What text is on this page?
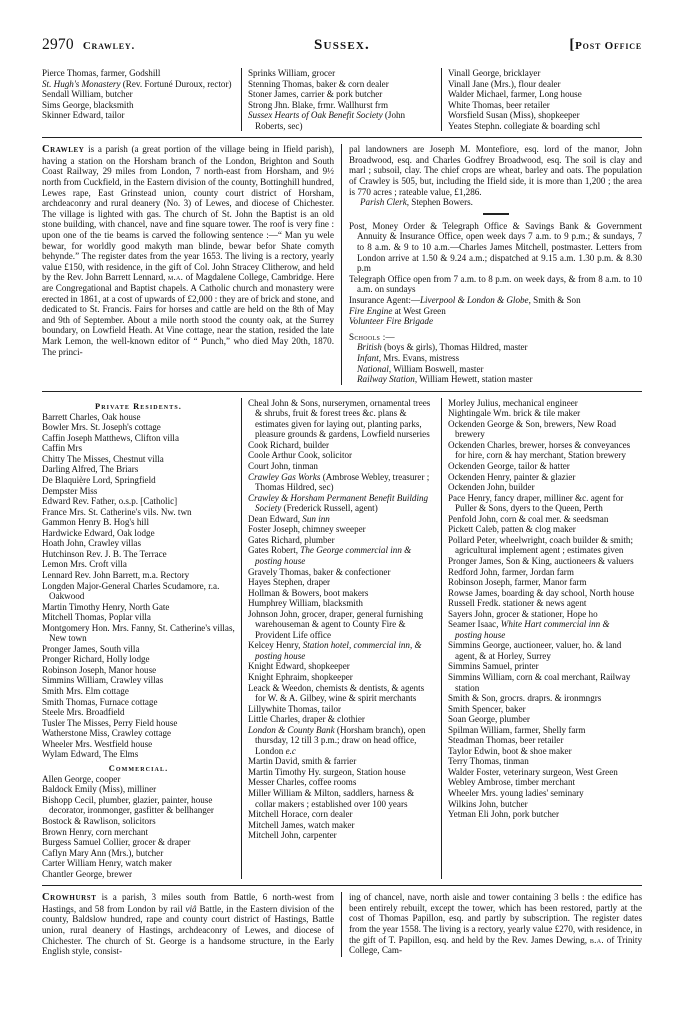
2970 Crawley.	Sussex.	[Post Office

Pierce Thomas, farmer, Godshill

St. Hugh's Monastery (Rev. Fortuné Duroux, rector)

Sendall William, butcher

Sims George, blacksmith

Skinner Edward, tailor

Sprinks William, grocer

Stenning Thomas, baker & corn dealer

Stoner James, carrier & pork butcher

Strong Jhn. Blake, frmr. Wallhurst frm

Sussex Hearts of Oak Benefit Society (John Roberts, sec)

Vinall George, bricklayer

Vinall Jane (Mrs.), flour dealer

Walder Michael, farmer, Long house

White Thomas, beer retailer

Worsfield Susan (Miss), shopkeeper

Yeates Stephn. collegiate & boarding schl

Crawley is a parish (a great portion of the village being in Ifield parish), having a station on the Horsham branch of the London, Brighton and South Coast Railway, 29 miles from London, 7 north-east from Horsham, and 9½ north from Cuckfield, in the Eastern division of the county, Bottinghill hundred, Lewes rape, East Grinstead union, county court district of Horsham, archdeaconry and rural deanery (No. 3) of Lewes, and diocese of Chichester. The village is lighted with gas. The church of St. John the Baptist is an old stone building, with chancel, nave and fine square tower. The roof is very fine : upon one of the tie beams is carved the following sentence :—“ Man yu wele bewar, for worldly good makyth man blinde, bewar befor Shate comyth behynde.” The register dates from the year 1653. The living is a rectory, yearly value £150, with residence, in the gift of Col. John Stracey Clitherow, and held by the Rev. John Barrett Lennard, m.a. of Magdalene College, Cambridge. Here are Congregational and Baptist chapels. A Catholic church and monastery were erected in 1861, at a cost of upwards of £2,000 : they are of brick and stone, and dedicated to St. Francis. Fairs for horses and cattle are held on the 8th of May and 9th of September. About a mile north stood the county oak, at the Surrey boundary, on Lowfield Heath. At Vine cottage, near the station, resided the late Mark Lemon, the well-known editor of “ Punch,” who died May 20th, 1870. The princi-

pal landowners are Joseph M. Montefiore, esq. lord of the manor, John Broadwood, esq. and Charles Godfrey Broadwood, esq. The soil is clay and marl ; subsoil, clay. The chief crops are wheat, barley and oats. The population of Crawley is 505, but, including the Ifield side, it is more than 1,200 ; the area is 770 acres ; rateable value, £1,286.

Parish Clerk, Stephen Bowers.

Post, Money Order & Telegraph Office & Savings Bank & Government Annuity & Insurance Office, open week days 7 a.m. to 9 p.m.; & sundays, 7 to 8 a.m. & 9 to 10 a.m.—Charles James Mitchell, postmaster. Letters from London arrive at 1.50 & 9.24 a.m.; dispatched at 9.15 a.m. 1.30 p.m. & 8.30 p.m

Telegraph Office open from 7 a.m. to 8 p.m. on week days, & from 8 a.m. to 10 a.m. on sundays

Insurance Agent:—Liverpool & London & Globe, Smith & Son

Fire Engine at West Green

Volunteer Fire Brigade

Schools :—

British (boys & girls), Thomas Hildred, master

Infant, Mrs. Evans, mistress

National, William Boswell, master

Railway Station, William Hewett, station master

Private Residents.

Barrett Charles, Oak house

Bowler Mrs. St. Joseph's cottage

Caffin Joseph Matthews, Clifton villa

Caffin Mrs

Chitty The Misses, Chestnut villa

Darling Alfred, The Briars

De Blaquière Lord, Springfield

Dempster Miss

Edward Rev. Father, o.s.p. [Catholic]

France Mrs. St. Catherine's vils. Nw. twn

Gammon Henry B. Hog's hill

Hardwicke Edward, Oak lodge

Hoath John, Crawley villas

Hutchinson Rev. J. B. The Terrace

Lemon Mrs. Croft villa

Lennard Rev. John Barrett, m.a. Rectory

Longden Major-General Charles Scudamore, r.a. Oakwood

Martin Timothy Henry, North Gate

Mitchell Thomas, Poplar villa

Montgomery Hon. Mrs. Fanny, St. Catherine's villas, New town

Pronger James, South villa

Pronger Richard, Holly lodge

Robinson Joseph, Manor house

Simmins William, Crawley villas

Smith Mrs. Elm cottage

Smith Thomas, Furnace cottage

Steele Mrs. Broadfield

Tusler The Misses, Perry Field house

Watherstone Miss, Crawley cottage

Wheeler Mrs. Westfield house

Wylam Edward, The Elms

Commercial.

Allen George, cooper

Baldock Emily (Miss), milliner

Bishopp Cecil, plumber, glazier, painter, house decorator, ironmonger, gasfitter & bellhanger

Bostock & Rawlison, solicitors

Brown Henry, corn merchant

Burgess Samuel Collier, grocer & draper

Caflyn Mary Ann (Mrs.), butcher

Carter William Henry, watch maker

Chantler George, brewer

Cheal John & Sons, nurserymen, ornamental trees & shrubs, fruit & forest trees &c. plans & estimates given for laying out, planting parks, pleasure grounds & gardens, Lowfield nurseries

Cook Richard, builder

Coole Arthur Cook, solicitor

Court John, tinman

Crawley Gas Works (Ambrose Webley, treasurer ; Thomas Hildred, sec)

Crawley & Horsham Permanent Benefit Building Society (Frederick Russell, agent)

Dean Edward, Sun inn

Foster Joseph, chimney sweeper

Gates Richard, plumber

Gates Robert, The George commercial inn & posting house

Gravely Thomas, baker & confectioner

Hayes Stephen, draper

Hollman & Bowers, boot makers

Humphrey William, blacksmith

Johnson John, grocer, draper, general furnishing warehouseman & agent to County Fire & Provident Life office

Kelcey Henry, Station hotel, commercial inn, & posting house

Knight Edward, shopkeeper

Knight Ephraim, shopkeeper

Leack & Weedon, chemists & dentists, & agents for W. & A. Gilbey, wine & spirit merchants

Lillywhite Thomas, tailor

Little Charles, draper & clothier

London & County Bank (Horsham branch), open thursday, 12 till 3 p.m.; draw on head office, London e.c

Martin David, smith & farrier

Martin Timothy Hy. surgeon, Station house

Messer Charles, coffee rooms

Miller William & Milton, saddlers, harness & collar makers ; established over 100 years

Mitchell Horace, corn dealer

Mitchell James, watch maker

Mitchell John, carpenter

Morley Julius, mechanical engineer

Nightingale Wm. brick & tile maker

Ockenden George & Son, brewers, New Road brewery

Ockenden Charles, brewer, horses & conveyances for hire, corn & hay merchant, Station brewery

Ockenden George, tailor & hatter

Ockenden Henry, painter & glazier

Ockenden John, builder

Pace Henry, fancy draper, milliner &c. agent for Puller & Sons, dyers to the Queen, Perth

Penfold John, corn & coal mer. & seedsman

Pickett Caleb, patten & clog maker

Pollard Peter, wheelwright, coach builder & smith; agricultural implement agent ; estimates given

Pronger James, Son & King, auctioneers & valuers

Redford John, farmer, Jordan farm

Robinson Joseph, farmer, Manor farm

Rowse James, boarding & day school, North house

Russell Fredk. stationer & news agent

Sayers John, grocer & stationer, Hope ho

Seamer Isaac, White Hart commercial inn & posting house

Simmins George, auctioneer, valuer, ho. & land agent, & at Horley, Surrey

Simmins Samuel, printer

Simmins William, corn & coal merchant, Railway station

Smith & Son, grocrs. draprs. & ironmngrs

Smith Spencer, baker

Soan George, plumber

Spilman William, farmer, Shelly farm

Steadman Thomas, beer retailer

Taylor Edwin, boot & shoe maker

Terry Thomas, tinman

Walder Foster, veterinary surgeon, West Green

Webley Ambrose, timber merchant

Wheeler Mrs. young ladies' seminary

Wilkins John, butcher

Yetman Eli John, pork butcher

Crowhurst is a parish, 3 miles south from Battle, 6 north-west from Hastings, and 58 from London by rail viâ Battle, in the Eastern division of the county, Baldslow hundred, rape and county court district of Hastings, Battle union, rural deanery of Hastings, archdeaconry of Lewes, and diocese of Chichester. The church of St. George is a handsome structure, in the Early English style, consist-

ing of chancel, nave, north aisle and tower containing 3 bells : the edifice has been entirely rebuilt, except the tower, which has been restored, partly at the cost of Thomas Papillon, esq. and partly by subscription. The register dates from the year 1558. The living is a rectory, yearly value £270, with residence, in the gift of T. Papillon, esq. and held by the Rev. James Dewing, b.a. of Trinity College, Cam-
